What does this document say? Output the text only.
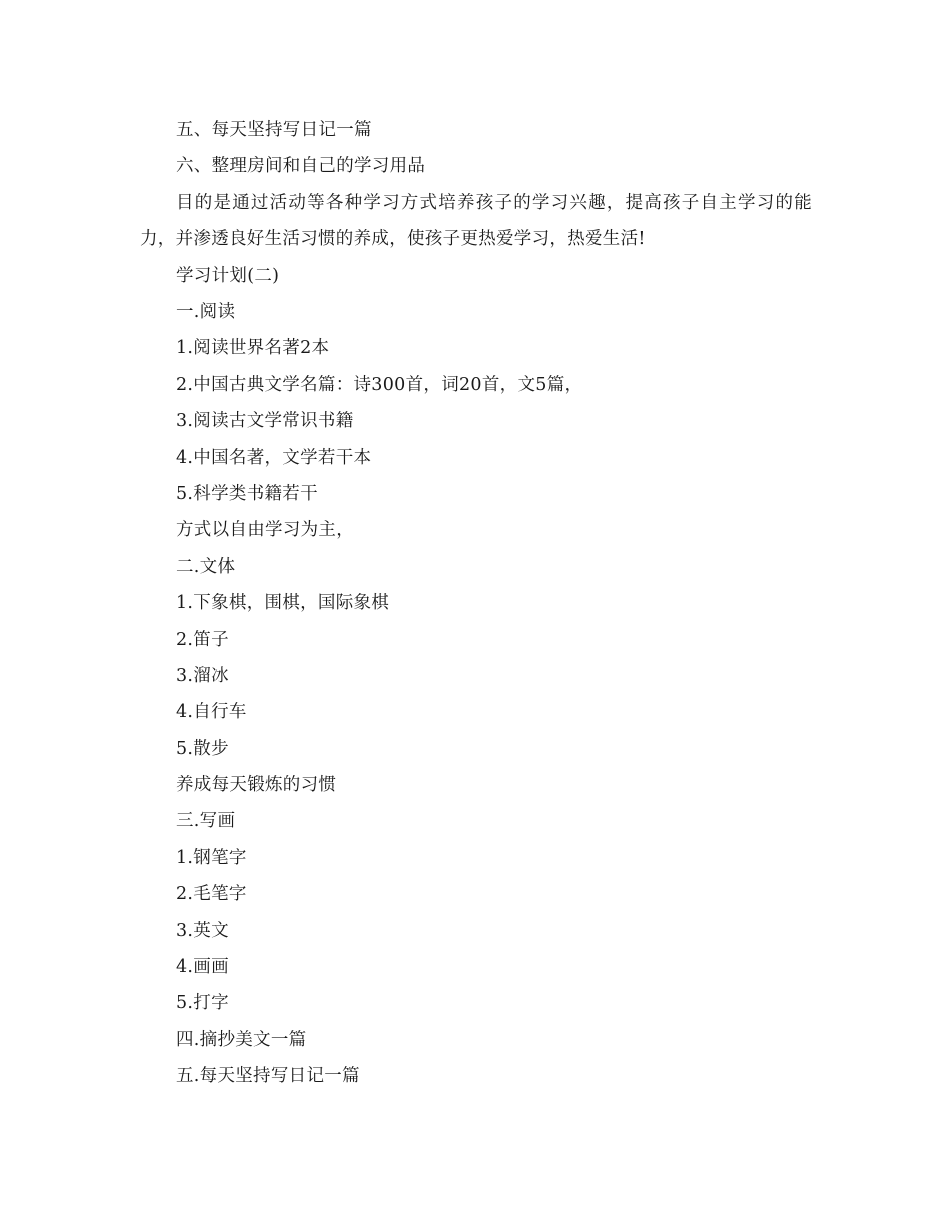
五、每天坚持写日记一篇
六、整理房间和自己的学习用品
目的是通过活动等各种学习方式培养孩子的学习兴趣，提高孩子自主学习的能力，并渗透良好生活习惯的养成，使孩子更热爱学习，热爱生活!
学习计划(二)
一.阅读
1.阅读世界名著2本
2.中国古典文学名篇：诗300首，词20首，文5篇，
3.阅读古文学常识书籍
4.中国名著，文学若干本
5.科学类书籍若干
方式以自由学习为主，
二.文体
1.下象棋，围棋，国际象棋
2.笛子
3.溜冰
4.自行车
5.散步
养成每天锻炼的习惯
三.写画
1.钢笔字
2.毛笔字
3.英文
4.画画
5.打字
四.摘抄美文一篇
五.每天坚持写日记一篇
